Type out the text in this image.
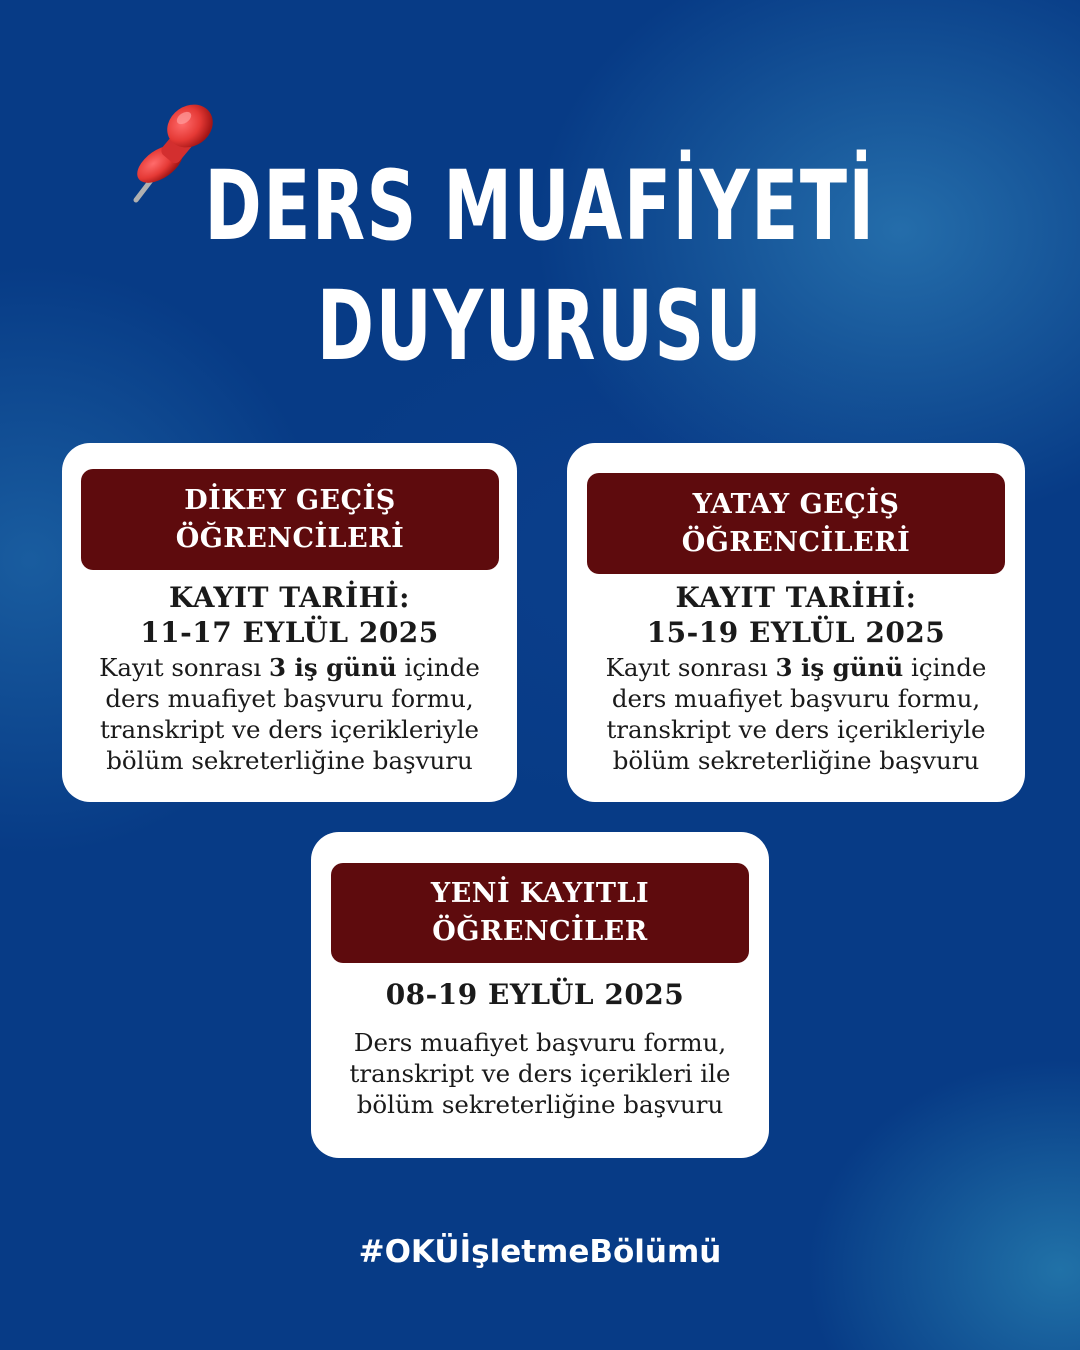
DERS MUAFİYETİ
DUYURUSU
DİKEY GEÇİŞ
ÖĞRENCİLERİ
KAYIT TARİHİ:
11-17 EYLÜL 2025
Kayıt sonrası 3 iş günü içinde
ders muafiyet başvuru formu,
transkript ve ders içerikleriyle
bölüm sekreterliğine başvuru
YATAY GEÇİŞ
ÖĞRENCİLERİ
KAYIT TARİHİ:
15-19 EYLÜL 2025
Kayıt sonrası 3 iş günü içinde
ders muafiyet başvuru formu,
transkript ve ders içerikleriyle
bölüm sekreterliğine başvuru
YENİ KAYITLI
ÖĞRENCİLER
08-19 EYLÜL 2025
Ders muafiyet başvuru formu,
transkript ve ders içerikleri ile
bölüm sekreterliğine başvuru
#OKÜİşletmeBölümü
